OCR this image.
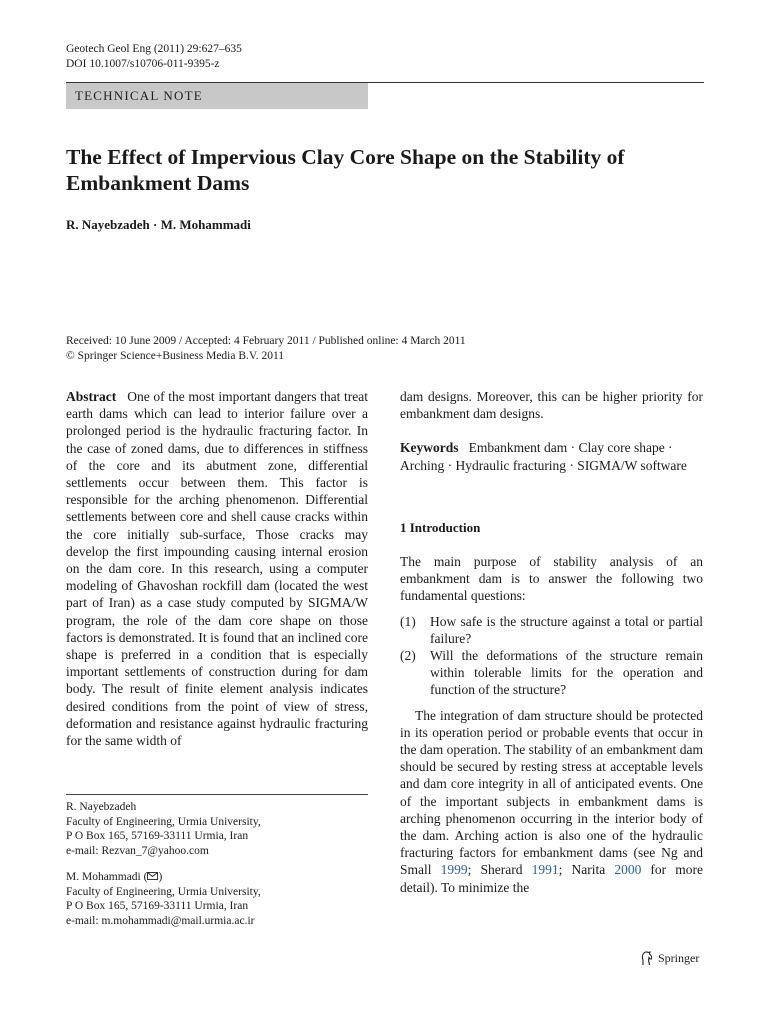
Geotech Geol Eng (2011) 29:627–635
DOI 10.1007/s10706-011-9395-z
TECHNICAL NOTE
The Effect of Impervious Clay Core Shape on the Stability of Embankment Dams
R. Nayebzadeh · M. Mohammadi
Received: 10 June 2009 / Accepted: 4 February 2011 / Published online: 4 March 2011
© Springer Science+Business Media B.V. 2011

Abstract One of the most important dangers that treat earth dams which can lead to interior failure over a prolonged period is the hydraulic fracturing factor. In the case of zoned dams, due to differences in stiffness of the core and its abutment zone, differential settlements occur between them. This factor is responsible for the arching phenomenon. Differential settlements between core and shell cause cracks within the core initially sub-surface, Those cracks may develop the first impounding causing internal erosion on the dam core. In this research, using a computer modeling of Ghavoshan rockfill dam (located the west part of Iran) as a case study computed by SIGMA/W program, the role of the dam core shape on those factors is demonstrated. It is found that an inclined core shape is preferred in a condition that is especially important settlements of construction during for dam body. The result of finite element analysis indicates desired conditions from the point of view of stress, deformation and resistance against hydraulic fracturing for the same width of

dam designs. Moreover, this can be higher priority for embankment dam designs.

Keywords Embankment dam · Clay core shape · Arching · Hydraulic fracturing · SIGMA/W software

1 Introduction

The main purpose of stability analysis of an embankment dam is to answer the following two fundamental questions:

(1) How safe is the structure against a total or partial failure?
(2) Will the deformations of the structure remain within tolerable limits for the operation and function of the structure?

The integration of dam structure should be protected in its operation period or probable events that occur in the dam operation. The stability of an embankment dam should be secured by resting stress at acceptable levels and dam core integrity in all of anticipated events. One of the important subjects in embankment dams is arching phenomenon occurring in the interior body of the dam. Arching action is also one of the hydraulic fracturing factors for embankment dams (see Ng and Small 1999; Sherard 1991; Narita 2000 for more detail). To minimize the

R. Nayebzadeh

Faculty of Engineering, Urmia University,

P O Box 165, 57169-33111 Urmia, Iran

e-mail: Rezvan_7@yahoo.com

M. Mohammadi ( )

Faculty of Engineering, Urmia University,

P O Box 165, 57169-33111 Urmia, Iran

e-mail: m.mohammadi@mail.urmia.ac.ir

Springer
